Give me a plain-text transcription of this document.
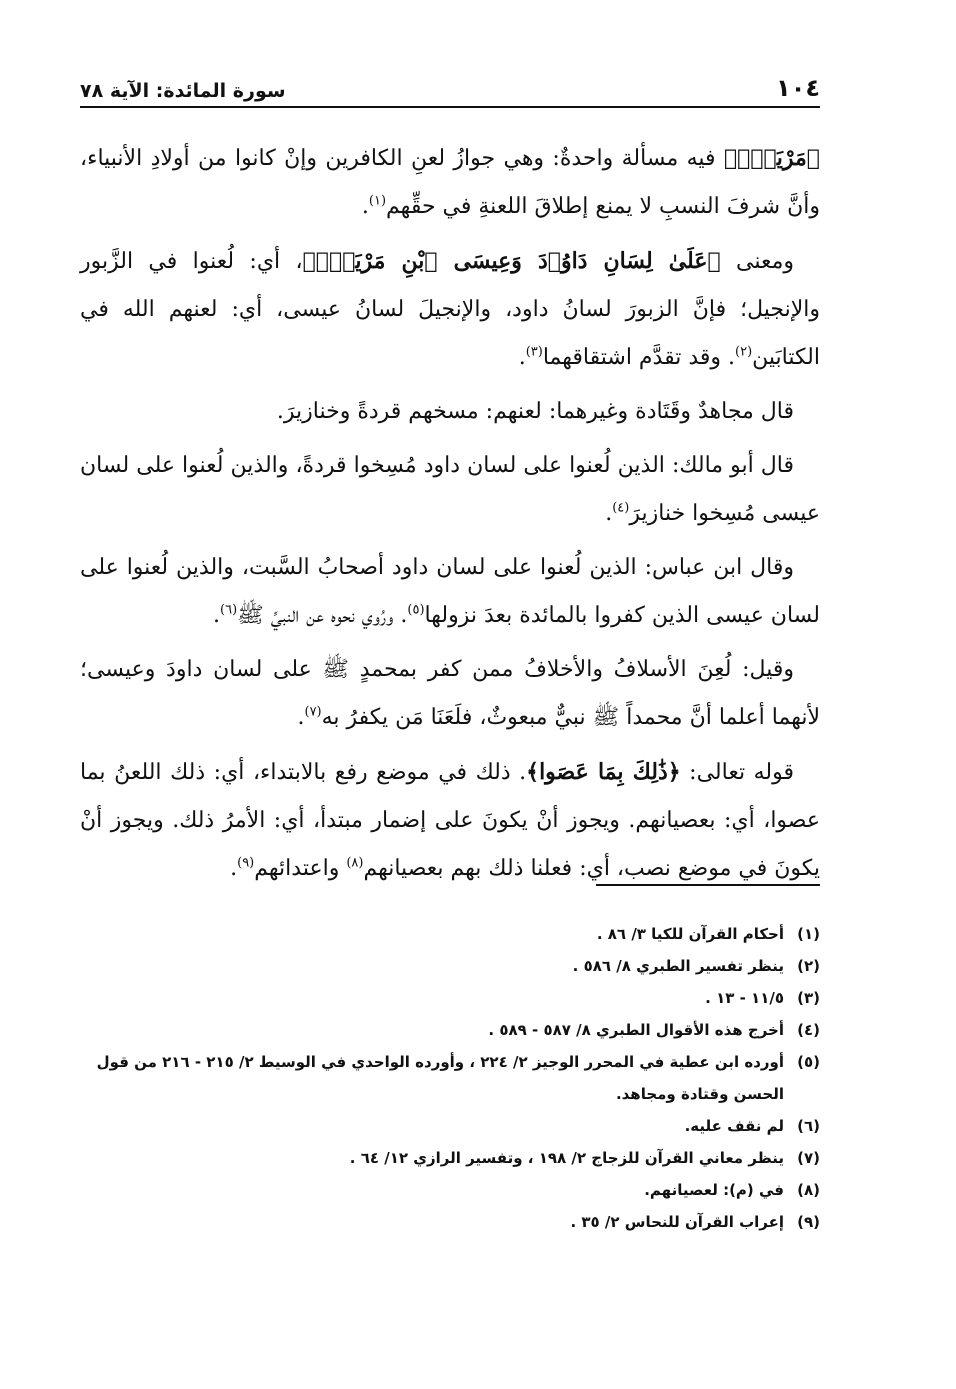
١٠٤
سورة المائدة: الآية ٧٨

﴿مَرْيَمَۚ﴾ فيه مسألة واحدةٌ: وهي جوازُ لعنِ الكافرين وإنْ كانوا من أولادِ الأنبياء، وأنَّ شرفَ النسبِ لا يمنع إطلاقَ اللعنةِ في حقِّهم$^{(١)}$.

ومعنى ﴿عَلَىٰ لِسَانِ دَاوُۥدَ وَعِيسَى ٱبْنِ مَرْيَمَۚ﴾، أي: لُعنوا في الزَّبور والإنجيل؛ فإنَّ الزبورَ لسانُ داود، والإنجيلَ لسانُ عيسى، أي: لعنهم الله في الكتابَين$^{(٢)}$. وقد تقدَّم اشتقاقهما$^{(٣)}$.

قال مجاهدٌ وقَتَادة وغيرهما: لعنهم: مسخهم قردةً وخنازيرَ.

قال أبو مالك: الذين لُعنوا على لسان داود مُسِخوا قردةً، والذين لُعنوا على لسان عيسى مُسِخوا خنازيرَ$^{(٤)}$.

وقال ابن عباس: الذين لُعنوا على لسان داود أصحابُ السَّبت، والذين لُعنوا على لسان عيسى الذين كفروا بالمائدة بعدَ نزولها$^{(٥)}$. ورُوي نحوه عن النبيِّ ﷺ$^{(٦)}$.

وقيل: لُعِنَ الأسلافُ والأخلافُ ممن كفر بمحمدٍ ﷺ على لسان داودَ وعيسى؛ لأنهما أعلما أنَّ محمداً ﷺ نبيٌّ مبعوثٌ، فلَعَنَا مَن يكفرُ به$^{(٧)}$.

قوله تعالى: ﴿ذَٰلِكَ بِمَا عَصَوا﴾. ذلك في موضع رفع بالابتداء، أي: ذلك اللعنُ بما عصوا، أي: بعصيانهم. ويجوز أنْ يكونَ على إضمار مبتدأ، أي: الأمرُ ذلك. ويجوز أنْ يكونَ في موضع نصب، أي: فعلنا ذلك بهم بعصيانهم$^{(٨)}$ واعتدائهم$^{(٩)}$.

(١)
أحكام القرآن للكيا ٣/ ٨٦ .
(٢)
ينظر تفسير الطبري ٨/ ٥٨٦ .
(٣)
١١/٥ - ١٣ .
(٤)
أخرج هذه الأقوال الطبري ٨/ ٥٨٧ - ٥٨٩ .
(٥)
أورده ابن عطية في المحرر الوجيز ٢/ ٢٢٤ ، وأورده الواحدي في الوسيط ٢/ ٢١٥ - ٢١٦ من قول الحسن وقتادة ومجاهد.
(٦)
لم نقف عليه.
(٧)
ينظر معاني القرآن للزجاج ٢/ ١٩٨ ، وتفسير الرازي ١٢/ ٦٤ .
(٨)
في (م): لعصيانهم.
(٩)
إعراب القرآن للنحاس ٢/ ٣٥ .
